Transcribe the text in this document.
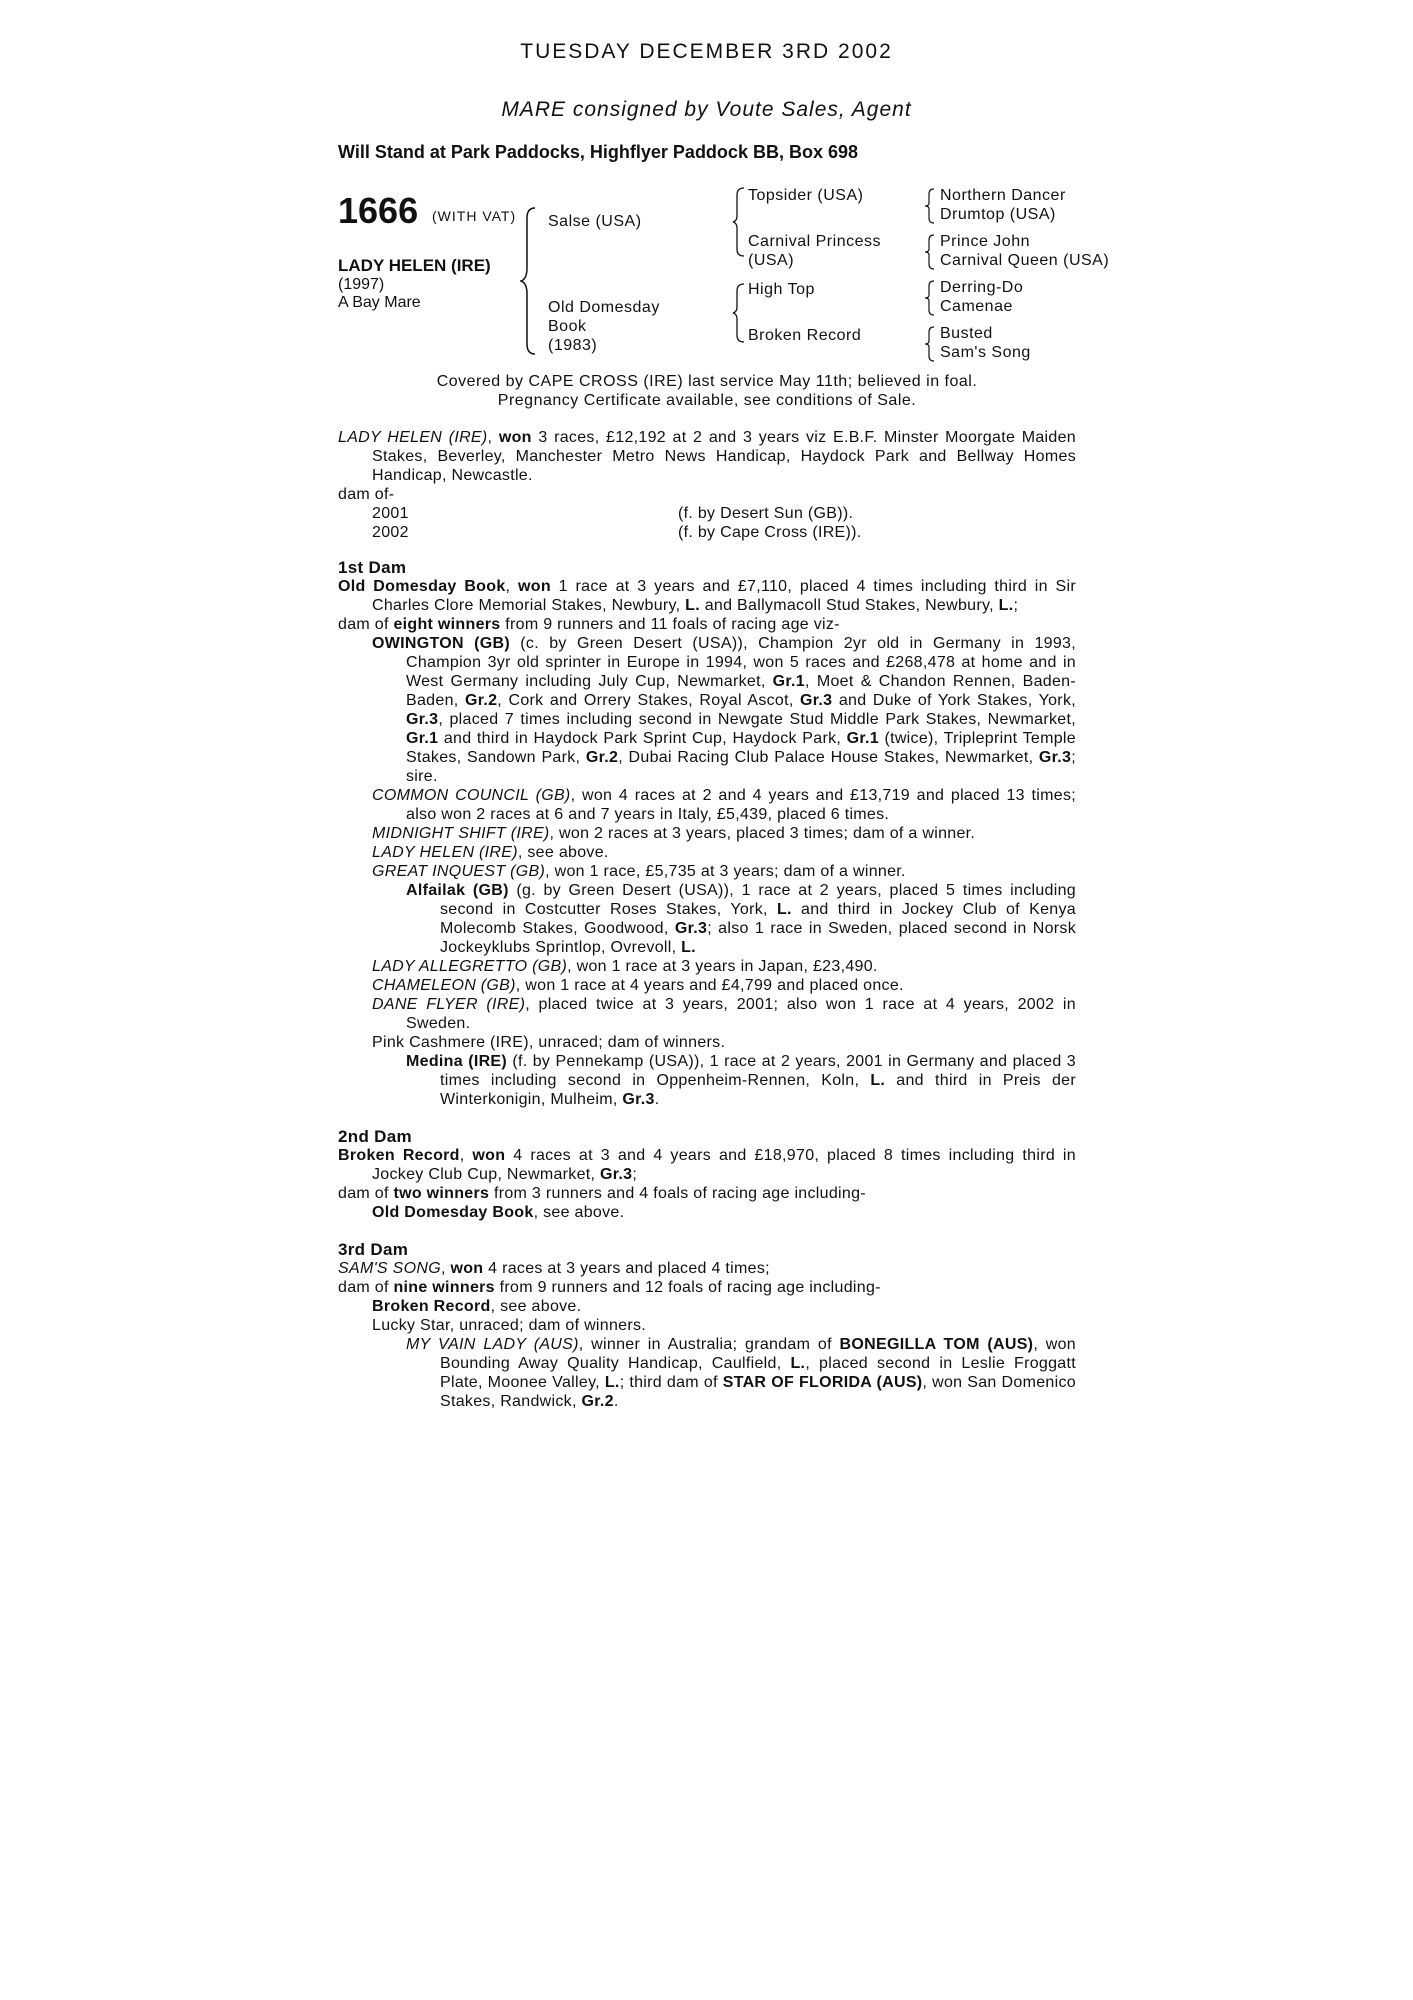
TUESDAY DECEMBER 3RD 2002
MARE consigned by Voute Sales, Agent
Will Stand at Park Paddocks, Highflyer Paddock BB, Box 698
1666 (WITH VAT)
LADY HELEN (IRE)
(1997)
A Bay Mare
Salse (USA)
Old Domesday
Book
(1983)
Topsider (USA)
Carnival Princess
(USA)
High Top
Broken Record
Northern Dancer
Drumtop (USA)
Prince John
Carnival Queen (USA)
Derring-Do
Camenae
Busted
Sam's Song
Covered by CAPE CROSS (IRE) last service May 11th; believed in foal.
Pregnancy Certificate available, see conditions of Sale.

LADY HELEN (IRE), won 3 races, £12,192 at 2 and 3 years viz E.B.F. Minster Moorgate Maiden Stakes, Beverley, Manchester Metro News Handicap, Haydock Park and Bellway Homes Handicap, Newcastle.

dam of-

2001	(f. by Desert Sun (GB)).
2002	(f. by Cape Cross (IRE)).

1st Dam

Old Domesday Book, won 1 race at 3 years and £7,110, placed 4 times including third in Sir Charles Clore Memorial Stakes, Newbury, L. and Ballymacoll Stud Stakes, Newbury, L.;

dam of eight winners from 9 runners and 11 foals of racing age viz-

OWINGTON (GB) (c. by Green Desert (USA)), Champion 2yr old in Germany in 1993, Champion 3yr old sprinter in Europe in 1994, won 5 races and £268,478 at home and in West Germany including July Cup, Newmarket, Gr.1, Moet & Chandon Rennen, Baden-Baden, Gr.2, Cork and Orrery Stakes, Royal Ascot, Gr.3 and Duke of York Stakes, York, Gr.3, placed 7 times including second in Newgate Stud Middle Park Stakes, Newmarket, Gr.1 and third in Haydock Park Sprint Cup, Haydock Park, Gr.1 (twice), Tripleprint Temple Stakes, Sandown Park, Gr.2, Dubai Racing Club Palace House Stakes, Newmarket, Gr.3; sire.

COMMON COUNCIL (GB), won 4 races at 2 and 4 years and £13,719 and placed 13 times; also won 2 races at 6 and 7 years in Italy, £5,439, placed 6 times.

MIDNIGHT SHIFT (IRE), won 2 races at 3 years, placed 3 times; dam of a winner.

LADY HELEN (IRE), see above.

GREAT INQUEST (GB), won 1 race, £5,735 at 3 years; dam of a winner.

Alfailak (GB) (g. by Green Desert (USA)), 1 race at 2 years, placed 5 times including second in Costcutter Roses Stakes, York, L. and third in Jockey Club of Kenya Molecomb Stakes, Goodwood, Gr.3; also 1 race in Sweden, placed second in Norsk Jockeyklubs Sprintlop, Ovrevoll, L.

LADY ALLEGRETTO (GB), won 1 race at 3 years in Japan, £23,490.

CHAMELEON (GB), won 1 race at 4 years and £4,799 and placed once.

DANE FLYER (IRE), placed twice at 3 years, 2001; also won 1 race at 4 years, 2002 in Sweden.

Pink Cashmere (IRE), unraced; dam of winners.

Medina (IRE) (f. by Pennekamp (USA)), 1 race at 2 years, 2001 in Germany and placed 3 times including second in Oppenheim-Rennen, Koln, L. and third in Preis der Winterkonigin, Mulheim, Gr.3.

2nd Dam

Broken Record, won 4 races at 3 and 4 years and £18,970, placed 8 times including third in Jockey Club Cup, Newmarket, Gr.3;

dam of two winners from 3 runners and 4 foals of racing age including-

Old Domesday Book, see above.

3rd Dam

SAM'S SONG, won 4 races at 3 years and placed 4 times;

dam of nine winners from 9 runners and 12 foals of racing age including-

Broken Record, see above.

Lucky Star, unraced; dam of winners.

MY VAIN LADY (AUS), winner in Australia; grandam of BONEGILLA TOM (AUS), won Bounding Away Quality Handicap, Caulfield, L., placed second in Leslie Froggatt Plate, Moonee Valley, L.; third dam of STAR OF FLORIDA (AUS), won San Domenico Stakes, Randwick, Gr.2.
